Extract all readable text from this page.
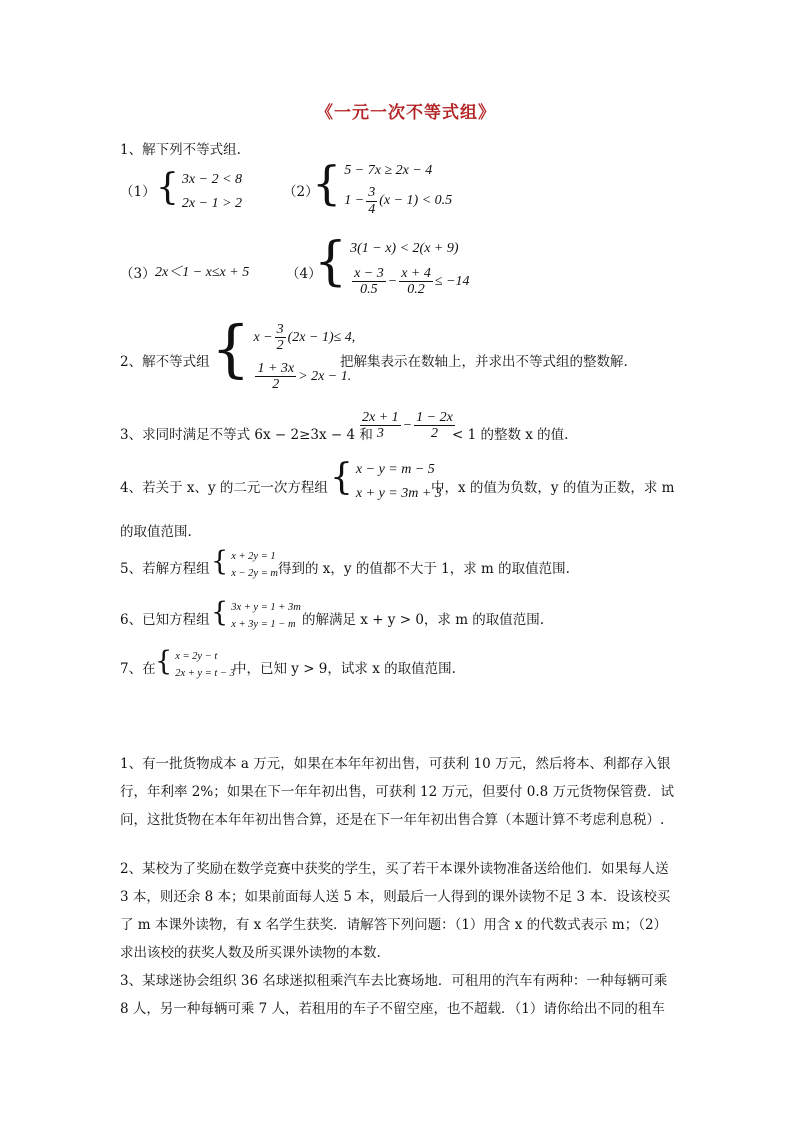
《一元一次不等式组》
1、解下列不等式组.
（1） { 3x − 2 < 8
2x − 1 > 2
（2）
{ 5 − 7x ≥ 2x − 4
$1 - \frac{3}{4} (x - 1) < 0.5$
（3） 2x＜1 − x≤x + 5	（4）
{ 3(1 − x) < 2(x + 9)
$\frac{x - 3}{0.5} - \frac{x + 4}{0.2} \le -14$
2、解不等式组 { $x - \frac{3}{2} (2x - 1)\le 4$,
$\frac{1 + 3x}{2} > 2x - 1$.
把解集表示在数轴上，并求出不等式组的整数解.
3、求同时满足不等式 6x − 2≥3x − 4 和
$\frac{2x + 1}{3} - \frac{1 - 2x}{2}$
< 1 的整数 x 的值.
4、若关于 x、y 的二元一次方程组 { x − y = m − 5
x + y = 3m + 3
中，x 的值为负数，y 的值为正数，求 m
的取值范围.
5、若解方程组 { x + 2y = 1
x − 2y = m 得到的 x，y 的值都不大于 1，求 m 的取值范围.
6、已知方程组 { 3x + y = 1 + 3m
x + 3y = 1 − m 的解满足 x + y > 0，求 m 的取值范围.
7、在 { x = 2y − t
2x + y = t − 3
中，已知 y > 9，试求 x 的取值范围.
1、有一批货物成本 a 万元，如果在本年年初出售，可获利 10 万元，然后将本、利都存入银行，年利率 2%；如果在下一年年初出售，可获利 12 万元，但要付 0.8 万元货物保管费．试问，这批货物在本年年初出售合算，还是在下一年年初出售合算（本题计算不考虑利息税）.
2、某校为了奖励在数学竞赛中获奖的学生，买了若干本课外读物准备送给他们．如果每人送 3 本，则还余 8 本；如果前面每人送 5 本，则最后一人得到的课外读物不足 3 本．设该校买了 m 本课外读物，有 x 名学生获奖．请解答下列问题：（1）用含 x 的代数式表示 m；（2）求出该校的获奖人数及所买课外读物的本数.
3、某球迷协会组织 36 名球迷拟租乘汽车去比赛场地．可租用的汽车有两种：一种每辆可乘 8 人，另一种每辆可乘 7 人，若租用的车子不留空座，也不超载．（1）请你给出不同的租车
